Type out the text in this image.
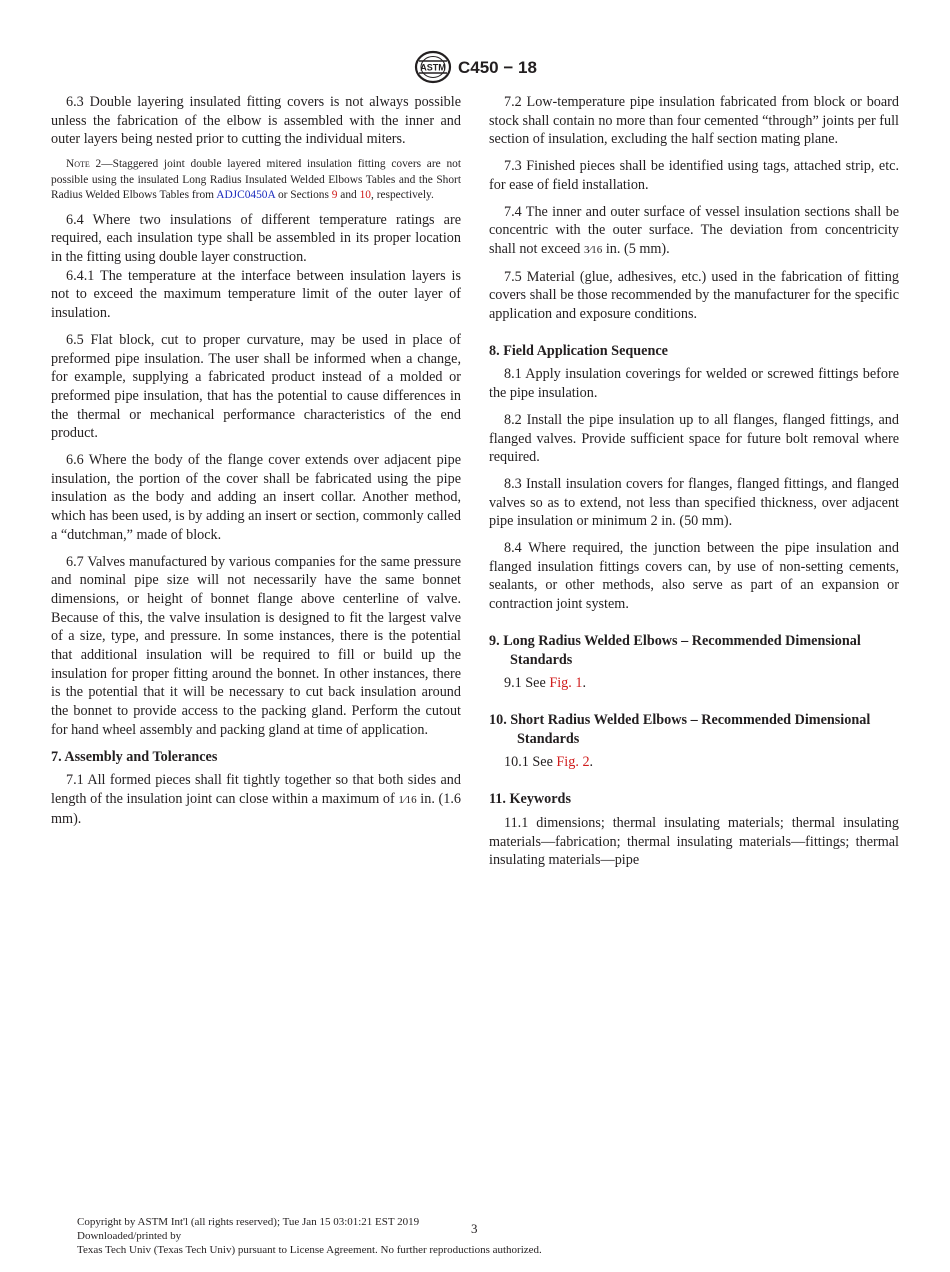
ASTM C450 − 18

6.3 Double layering insulated fitting covers is not always possible unless the fabrication of the elbow is assembled with the inner and outer layers being nested prior to cutting the individual miters.

Note 2—Staggered joint double layered mitered insulation fitting covers are not possible using the insulated Long Radius Insulated Welded Elbows Tables and the Short Radius Welded Elbows Tables from ADJC0450A or Sections 9 and 10, respectively.

6.4 Where two insulations of different temperature ratings are required, each insulation type shall be assembled in its proper location in the fitting using double layer construction.

6.4.1 The temperature at the interface between insulation layers is not to exceed the maximum temperature limit of the outer layer of insulation.

6.5 Flat block, cut to proper curvature, may be used in place of preformed pipe insulation. The user shall be informed when a change, for example, supplying a fabricated product instead of a molded or preformed pipe insulation, that has the potential to cause differences in the thermal or mechanical performance characteristics of the end product.

6.6 Where the body of the flange cover extends over adjacent pipe insulation, the portion of the cover shall be fabricated using the pipe insulation as the body and adding an insert collar. Another method, which has been used, is by adding an insert or section, commonly called a “dutchman,” made of block.

6.7 Valves manufactured by various companies for the same pressure and nominal pipe size will not necessarily have the same bonnet dimensions, or height of bonnet flange above centerline of valve. Because of this, the valve insulation is designed to fit the largest valve of a size, type, and pressure. In some instances, there is the potential that additional insulation will be required to fill or build up the insulation for proper fitting around the bonnet. In other instances, there is the potential that it will be necessary to cut back insulation around the bonnet to provide access to the packing gland. Perform the cutout for hand wheel assembly and packing gland at time of application.

7. Assembly and Tolerances

7.1 All formed pieces shall fit tightly together so that both sides and length of the insulation joint can close within a maximum of 1⁄16 in. (1.6 mm).

7.2 Low-temperature pipe insulation fabricated from block or board stock shall contain no more than four cemented “through” joints per full section of insulation, excluding the half section mating plane.

7.3 Finished pieces shall be identified using tags, attached strip, etc. for ease of field installation.

7.4 The inner and outer surface of vessel insulation sections shall be concentric with the outer surface. The deviation from concentricity shall not exceed 3⁄16 in. (5 mm).

7.5 Material (glue, adhesives, etc.) used in the fabrication of fitting covers shall be those recommended by the manufacturer for the specific application and exposure conditions.

8. Field Application Sequence

8.1 Apply insulation coverings for welded or screwed fittings before the pipe insulation.

8.2 Install the pipe insulation up to all flanges, flanged fittings, and flanged valves. Provide sufficient space for future bolt removal where required.

8.3 Install insulation covers for flanges, flanged fittings, and flanged valves so as to extend, not less than specified thickness, over adjacent pipe insulation or minimum 2 in. (50 mm).

8.4 Where required, the junction between the pipe insulation and flanged insulation fittings covers can, by use of non-setting cements, sealants, or other methods, also serve as part of an expansion or contraction joint system.

9. Long Radius Welded Elbows – Recommended Dimensional Standards

9.1 See Fig. 1.

10. Short Radius Welded Elbows – Recommended Dimensional Standards

10.1 See Fig. 2.

11. Keywords

11.1 dimensions; thermal insulating materials; thermal insulating materials—fabrication; thermal insulating materials—fittings; thermal insulating materials—pipe

Copyright by ASTM Int'l (all rights reserved); Tue Jan 15 03:01:21 EST 2019
Downloaded/printed by
Texas Tech Univ (Texas Tech Univ) pursuant to License Agreement. No further reproductions authorized.
3
